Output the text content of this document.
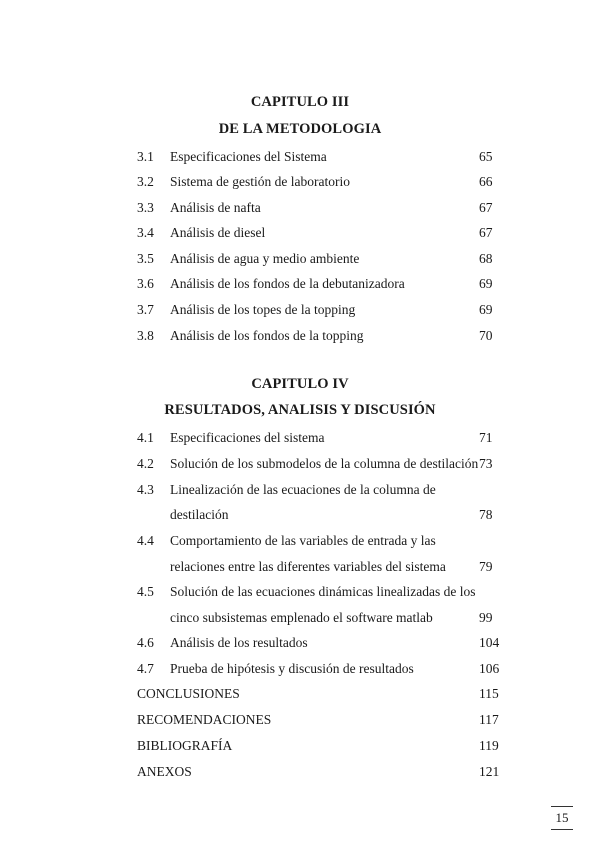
CAPITULO III
DE LA METODOLOGIA
3.1 Especificaciones del Sistema	65
3.2 Sistema de gestión de laboratorio	66
3.3 Análisis de nafta	67
3.4 Análisis de diesel	67
3.5 Análisis de agua y medio ambiente	68
3.6 Análisis de los fondos de la debutanizadora	69
3.7 Análisis de los topes de la topping	69
3.8 Análisis de los fondos de la topping	70
CAPITULO IV
RESULTADOS, ANALISIS Y DISCUSIÓN
4.1 Especificaciones del sistema	71
4.2 Solución de los submodelos de la columna de destilación 73
4.3 Linealización de las ecuaciones de la columna de
destilación	78
4.4 Comportamiento de las variables de entrada y las
relaciones entre las diferentes variables del sistema 79
4.5 Solución de las ecuaciones dinámicas linealizadas de los
cinco subsistemas emplenado el software matlab	99
4.6 Análisis de los resultados	104
4.7 Prueba de hipótesis y discusión de resultados	106
CONCLUSIONES	115
RECOMENDACIONES	117
BIBLIOGRAFÍA	119
ANEXOS	121
15
